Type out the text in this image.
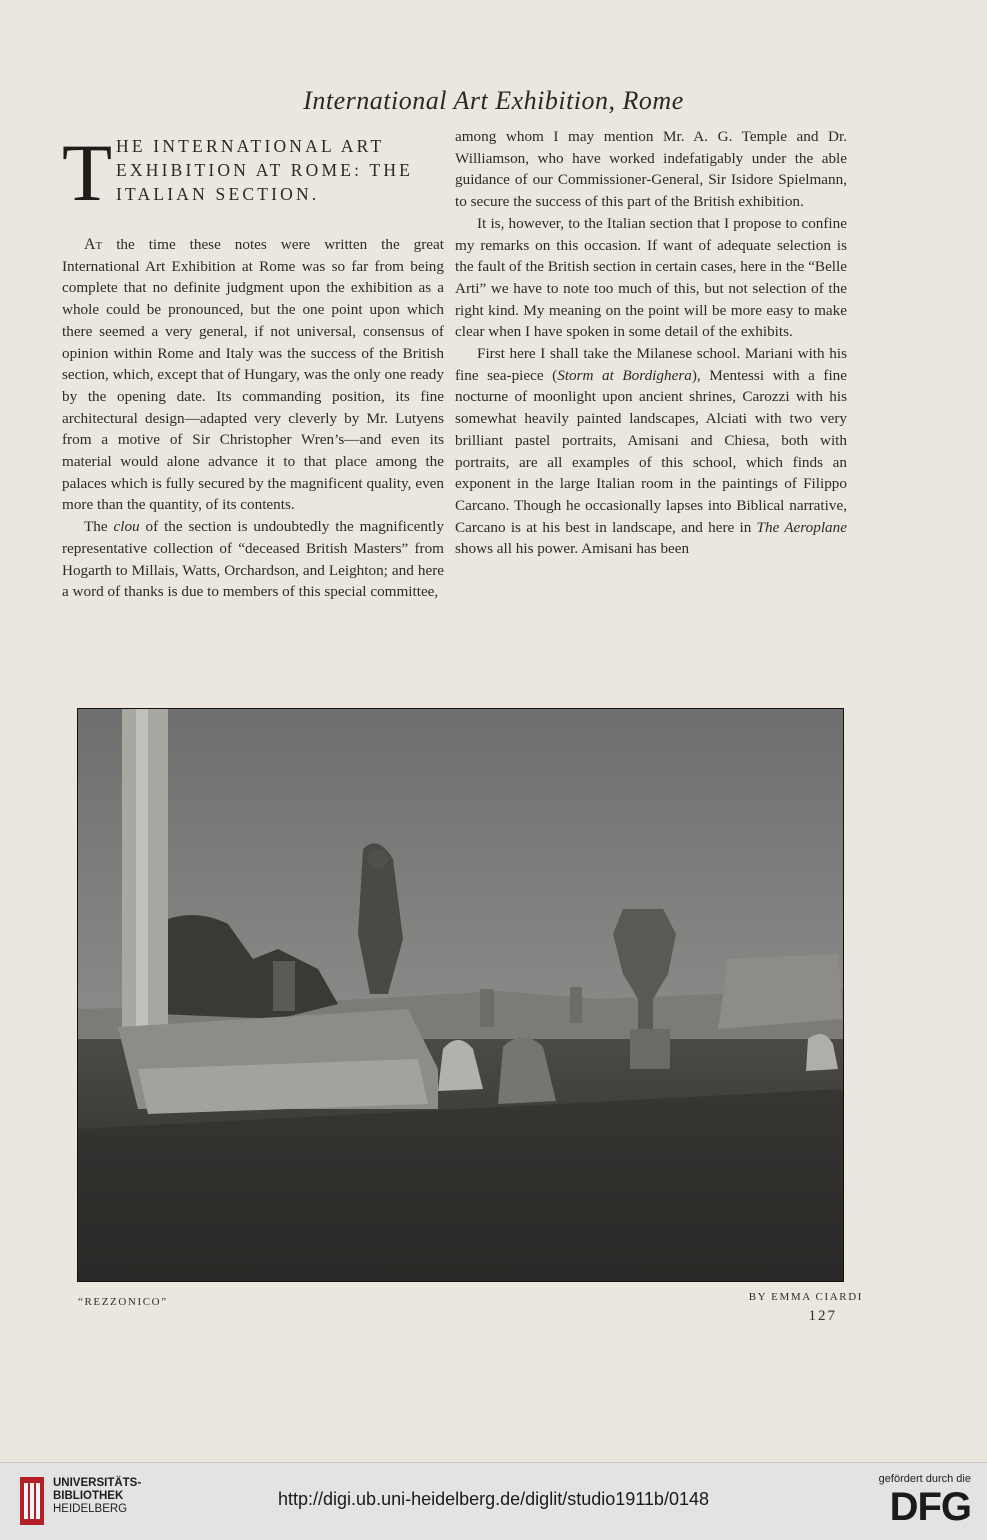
International Art Exhibition, Rome
T HE INTERNATIONAL ART
EXHIBITION AT ROME: THE
ITALIAN SECTION.

At the time these notes were written the great International Art Exhibition at Rome was so far from being complete that no definite judgment upon the exhibition as a whole could be pronounced, but the one point upon which there seemed a very general, if not universal, consensus of opinion within Rome and Italy was the success of the British section, which, except that of Hungary, was the only one ready by the opening date. Its commanding position, its fine architectural design—adapted very cleverly by Mr. Lutyens from a motive of Sir Christopher Wren’s—and even its material would alone advance it to that place among the palaces which is fully secured by the magnificent quality, even more than the quantity, of its contents.

The clou of the section is undoubtedly the magnificently representative collection of “deceased British Masters” from Hogarth to Millais, Watts, Orchardson, and Leighton; and here a word of thanks is due to members of this special committee,

among whom I may mention Mr. A. G. Temple and Dr. Williamson, who have worked indefatigably under the able guidance of our Commissioner-General, Sir Isidore Spielmann, to secure the success of this part of the British exhibition.

It is, however, to the Italian section that I propose to confine my remarks on this occasion. If want of adequate selection is the fault of the British section in certain cases, here in the “Belle Arti” we have to note too much of this, but not selection of the right kind. My meaning on the point will be more easy to make clear when I have spoken in some detail of the exhibits.

First here I shall take the Milanese school. Mariani with his fine sea-piece (Storm at Bordighera), Mentessi with a fine nocturne of moonlight upon ancient shrines, Carozzi with his somewhat heavily painted landscapes, Alciati with two very brilliant pastel portraits, Amisani and Chiesa, both with portraits, are all examples of this school, which finds an exponent in the large Italian room in the paintings of Filippo Carcano. Though he occasionally lapses into Biblical narrative, Carcano is at his best in landscape, and here in The Aeroplane shows all his power. Amisani has been

“REZZONICO”	BY EMMA CIARDI
127
UNIVERSITÄTS-
BIBLIOTHEK
HEIDELBERG	http://digi.ub.uni-heidelberg.de/diglit/studio1911b/0148
gefördert durch die
DFG
